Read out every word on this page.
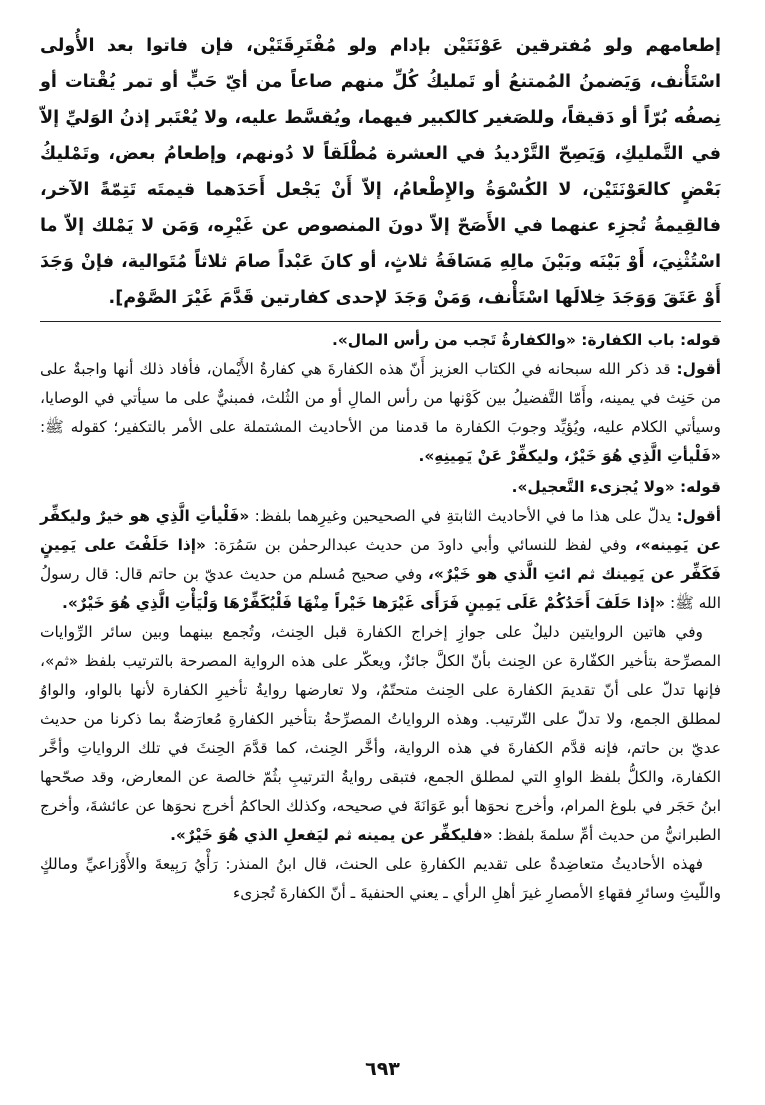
إطعامهم ولو مُفترقين عَوْنَتَيْن بإدام ولو مُفْتَرِقَتَيْن، فإن فاتوا بعد الأُولى اسْتَأْنف، وَيَضمنُ المُمتنعُ أو تَمليكُ كُلِّ منهم صاعاً من أيّ حَبٍّ أو تمر يُقْتات أو نِصفُه بُرّاً أو دَقيقاً، وللصَغير كالكبير فيهما، ويُقسَّط عليه، ولا يُعْتَبر إذنُ الوَليِّ إلاّ في التَّمليكِ، وَيَصِحّ التَّرْديدُ في العشرة مُطْلَقاً لا دُونهم، وإطعامُ بعض، وتَمْليكُ بَعْضٍ كالعَوْنَتَيْن، لا الكُسْوَةُ والإِطْعامُ، إلاّ أَنْ يَجْعل أَحَدَهما قيمتَه تَتِمّةً الآخر، فالقِيمةُ تُجزِء عنهما في الأَصَحّ إلاّ دونَ المنصوص عن غَيْرِه، وَمَن لا يَمْلك إلاّ ما اسْتُثْنِيَ، أَوْ بَيْنَه وبَيْنَ مالِهِ مَسَافَةُ ثلاثٍ، أو كانَ عَبْداً صامَ ثلاثاً مُتَوالية، فإنْ وَجَدَ أَوْ عَتَقَ وَوَجَدَ خِلالَها اسْتَأْنف، وَمَنْ وَجَدَ لإحدى كفارتين قَدَّمَ غَيْرَ الصَّوْم].

قوله: باب الكفارة: «والكفارةُ تَجب من رأس المال».

أقول: قد ذكر الله سبحانه في الكتاب العزيز أَنّ هذه الكفارةَ هي كفارةُ الأَيْمان، فأفاد ذلك أنها واجبةٌ على من حَنِث في يمينه، وأَمّا التَّفضيلُ بين كَوْنها من رأس المالِ أو من الثُلث، فمبنيٌّ على ما سيأتي في الوصايا، وسيأتي الكلام عليه، ويُؤيِّد وجوبَ الكفارة ما قدمنا من الأحاديث المشتملة على الأمر بالتكفير؛ كقوله ﷺ: «فَلْيأتِ الَّذِي هُوَ خَيْرٌ، وليكفِّرْ عَنْ يَمِينِهِ».

قوله: «ولا يُجزىء التَّعجيل».

أقول: يدلّ على هذا ما في الأحاديث الثابتةِ في الصحيحين وغيرِهما بلفظ: «فَلْيأتِ الَّذِي هو خيرٌ وليكفِّر عن يَمِينه»، وفي لفظ للنسائي وأبي داودَ من حديث عبدالرحمٰن بن سَمُرَة: «إذا حَلَفْتَ على يَمِينٍ فَكَفِّر عن يَمِينك ثم ائتِ الَّذي هو خَيْرٌ»، وفي صحيح مُسلم من حديث عديّ بن حاتم قال: قال رسولُ الله ﷺ: «إذا حَلَفَ أَحَدُكُمْ عَلَى يَمِينٍ فَرَأَى غَيْرَها خَيْراً مِنْهَا فَلْيُكَفِّرْهَا وَلْيَأْتِ الَّذِي هُوَ خَيْرٌ».

وفي هاتين الروايتين دليلٌ على جوازِ إخراج الكفارة قبل الحِنث، وتُجمع بينهما وبين سائر الرِّوايات المصرِّحة بتأخير الكفّارة عن الحِنث بأنّ الكلَّ جائزٌ، ويعكّر على هذه الرواية المصرحة بالترتيب بلفظ «ثم»، فإنها تدلّ على أنّ تقديمَ الكفارة على الحِنث متحتّمٌ، ولا تعارضها روايةُ تأخيرِ الكفارة لأنها بالواو، والواوُ لمطلق الجمع، ولا تدلّ على التّرتيب. وهذه الرواياتُ المصرِّحةُ بتأخير الكفارةِ مُعارَضةٌ بما ذكرنا من حديث عديّ بن حاتم، فإنه قدَّم الكفارةَ في هذه الرواية، وأخَّر الحِنث، كما قدَّمَ الحِنثَ في تلك الرواياتِ وأخَّر الكفارة، والكلُّ بلفظ الواوِ التي لمطلق الجمع، فتبقى روايةُ الترتيبِ بثُمّ خالصة عن المعارض، وقد صحّحها ابنُ حَجَر في بلوغ المرام، وأخرج نحوَها أبو عَوَانَةَ في صحيحه، وكذلك الحاكمُ أخرج نحوَها عن عائشةَ، وأخرج الطبرانيُّ من حديث أمِّ سلمةَ بلفظ: «فليكفِّر عن يمينه ثم ليَفعلِ الذي هُوَ خَيْرٌ».

فهذه الأحاديثُ متعاضِدةٌ على تقديم الكفارةِ على الحنث، قال ابنُ المنذر: رَأْيُ رَبِيعةَ والأَوْزاعيِّ ومالكٍ واللّيثِ وسائرِ فقهاءِ الأمصارِ غيرَ أهلِ الرأي ـ يعني الحنفيةَ ـ أنّ الكفارةَ تُجزىء

٦٩٣
